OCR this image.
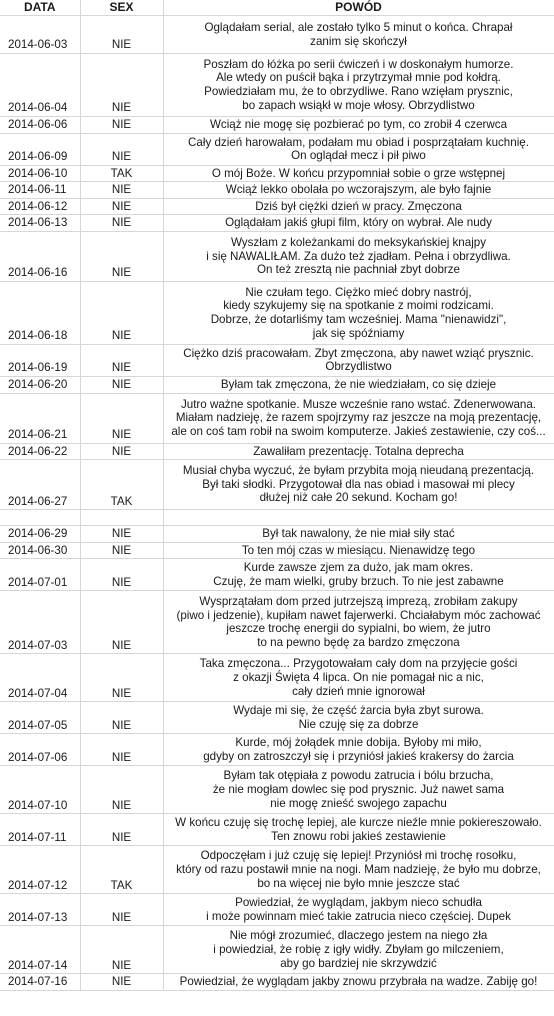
DATA	SEX	POWÓD
2014-06-03	NIE	Oglądałam serial, ale zostało tylko 5 minut o końca. Chrapał
zanim się skończył
2014-06-04	NIE	Poszłam do łóżka po serii ćwiczeń i w doskonałym humorze.
Ale wtedy on puścił bąka i przytrzymał mnie pod kołdrą.
Powiedziałam mu, że to obrzydliwe. Rano wzięłam prysznic,
bo zapach wsiąkł w moje włosy. Obrzydlistwo
2014-06-06	NIE	Wciąż nie mogę się pozbierać po tym, co zrobił 4 czerwca
2014-06-09	NIE	Cały dzień harowałam, podałam mu obiad i posprzątałam kuchnię.
On oglądał mecz i pił piwo
2014-06-10	TAK	O mój Boże. W końcu przypomniał sobie o grze wstępnej
2014-06-11	NIE	Wciąż lekko obolała po wczorajszym, ale było fajnie
2014-06-12	NIE	Dziś był ciężki dzień w pracy. Zmęczona
2014-06-13	NIE	Oglądałam jakiś głupi film, który on wybrał. Ale nudy
2014-06-16	NIE	Wyszłam z koleżankami do meksykańskiej knajpy
i się NAWALIŁAM. Za dużo też zjadłam. Pełna i obrzydliwa.
On też zresztą nie pachniał zbyt dobrze
2014-06-18	NIE	Nie czułam tego. Ciężko mieć dobry nastrój,
kiedy szykujemy się na spotkanie z moimi rodzicami.
Dobrze, że dotarliśmy tam wcześniej. Mama "nienawidzi",
jak się spóźniamy
2014-06-19	NIE	Ciężko dziś pracowałam. Zbyt zmęczona, aby nawet wziąć prysznic.
Obrzydlistwo
2014-06-20	NIE	Byłam tak zmęczona, że nie wiedziałam, co się dzieje
2014-06-21	NIE	Jutro ważne spotkanie. Musze wcześnie rano wstać. Zdenerwowana.
Miałam nadzieję, że razem spojrzymy raz jeszcze na moją prezentację,
ale on coś tam robił na swoim komputerze. Jakieś zestawienie, czy coś...
2014-06-22	NIE	Zawaliłam prezentację. Totalna deprecha
2014-06-27	TAK	Musiał chyba wyczuć, że byłam przybita moją nieudaną prezentacją.
Był taki słodki. Przygotował dla nas obiad i masował mi plecy
dłużej niż całe 20 sekund. Kocham go!

2014-06-29	NIE	Był tak nawalony, że nie miał siły stać
2014-06-30	NIE	To ten mój czas w miesiącu. Nienawidzę tego
2014-07-01	NIE	Kurde zawsze zjem za dużo, jak mam okres.
Czuję, że mam wielki, gruby brzuch. To nie jest zabawne
2014-07-03	NIE	Wysprzątałam dom przed jutrzejszą imprezą, zrobiłam zakupy
(piwo i jedzenie), kupiłam nawet fajerwerki. Chciałabym móc zachować
jeszcze trochę energii do sypialni, bo wiem, że jutro
to na pewno będę za bardzo zmęczona
2014-07-04	NIE	Taka zmęczona... Przygotowałam cały dom na przyjęcie gości
z okazji Święta 4 lipca. On nie pomagał nic a nic,
cały dzień mnie ignorował
2014-07-05	NIE	Wydaje mi się, że część żarcia była zbyt surowa.
Nie czuję się za dobrze
2014-07-06	NIE	Kurde, mój żołądek mnie dobija. Byłoby mi miło,
gdyby on zatroszczył się i przyniósł jakieś krakersy do żarcia
2014-07-10	NIE	Byłam tak otępiała z powodu zatrucia i bólu brzucha,
że nie mogłam dowlec się pod prysznic. Już nawet sama
nie mogę znieść swojego zapachu
2014-07-11	NIE	W końcu czuję się trochę lepiej, ale kurcze nieźle mnie pokiereszowało.
Ten znowu robi jakieś zestawienie
2014-07-12	TAK	Odpoczęłam i już czuję się lepiej! Przyniósł mi trochę rosołku,
który od razu postawił mnie na nogi. Mam nadzieję, że było mu dobrze,
bo na więcej nie było mnie jeszcze stać
2014-07-13	NIE	Powiedział, że wyglądam, jakbym nieco schudła
i może powinnam mieć takie zatrucia nieco częściej. Dupek
2014-07-14	NIE	Nie mógł zrozumieć, dlaczego jestem na niego zła
i powiedział, że robię z igły widły. Zbyłam go milczeniem,
aby go bardziej nie skrzywdzić
2014-07-16	NIE	Powiedział, że wyglądam jakby znowu przybrała na wadze. Zabiję go!
